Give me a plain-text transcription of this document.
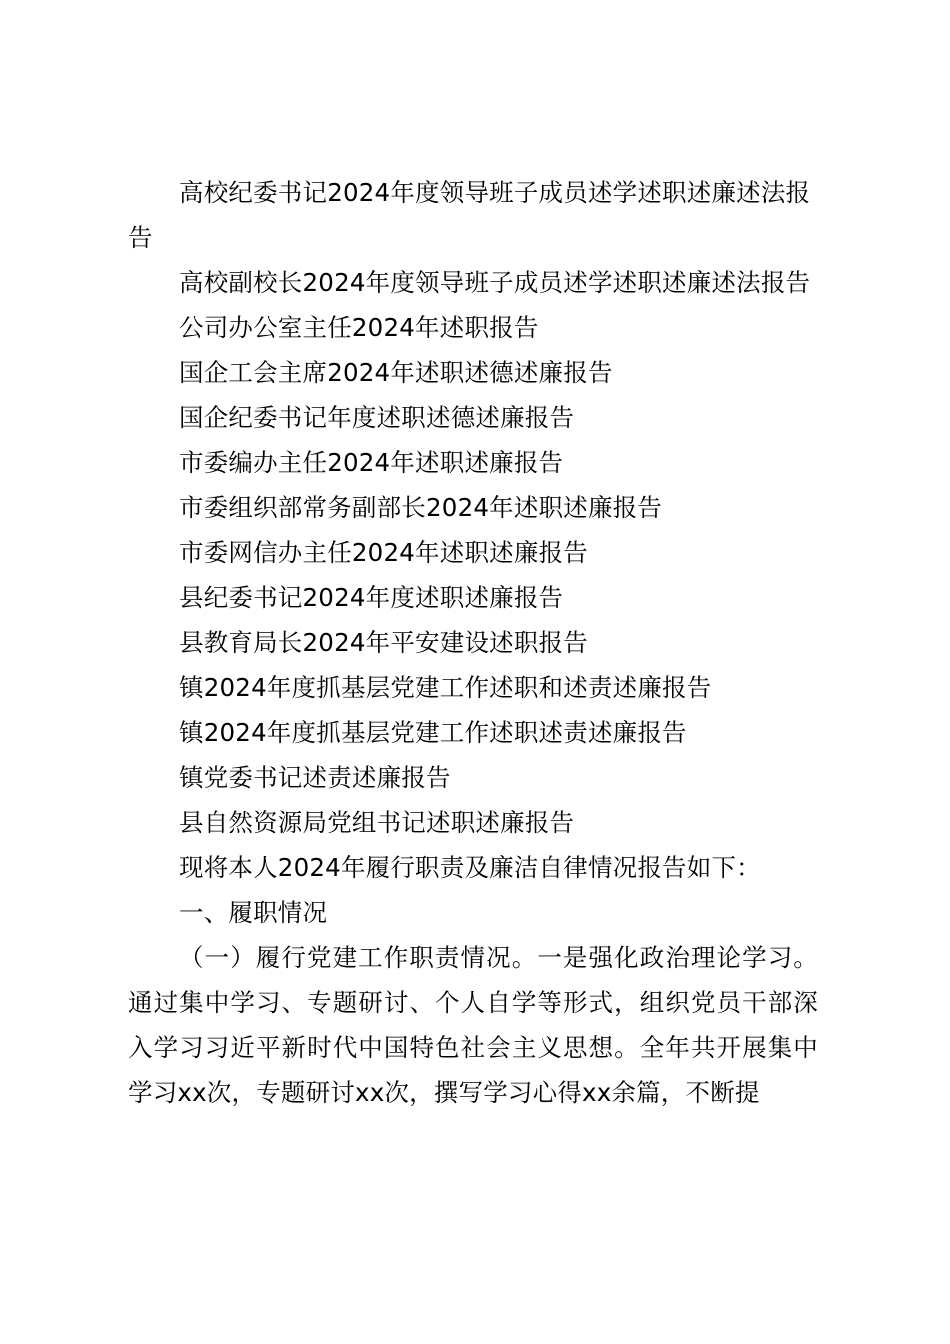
高校纪委书记2024年度领导班子成员述学述职述廉述法报告

高校副校长2024年度领导班子成员述学述职述廉述法报告

公司办公室主任2024年述职报告

国企工会主席2024年述职述德述廉报告

国企纪委书记年度述职述德述廉报告

市委编办主任2024年述职述廉报告

市委组织部常务副部长2024年述职述廉报告

市委网信办主任2024年述职述廉报告

县纪委书记2024年度述职述廉报告

县教育局长2024年平安建设述职报告

镇2024年度抓基层党建工作述职和述责述廉报告

镇2024年度抓基层党建工作述职述责述廉报告

镇党委书记述责述廉报告

县自然资源局党组书记述职述廉报告

现将本人2024年履行职责及廉洁自律情况报告如下：

一、履职情况

（一）履行党建工作职责情况。一是强化政治理论学习。通过集中学习、专题研讨、个人自学等形式，组织党员干部深入学习习近平新时代中国特色社会主义思想。全年共开展集中学习xx次，专题研讨xx次，撰写学习心得xx余篇，不断提
